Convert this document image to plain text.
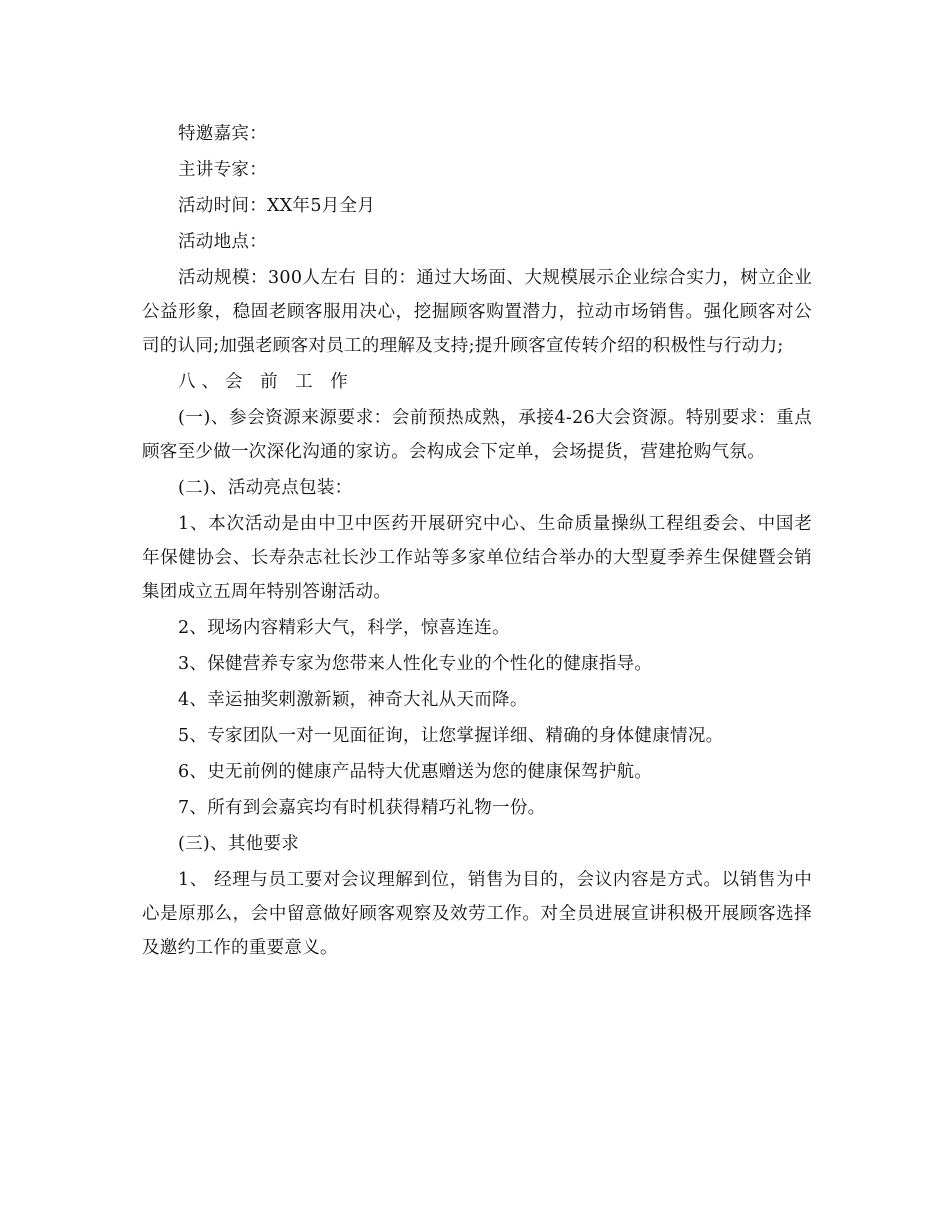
特邀嘉宾：

主讲专家：

活动时间：XX年5月全月

活动地点：

活动规模：300人左右 目的：通过大场面、大规模展示企业综合实力，树立企业公益形象，稳固老顾客服用决心，挖掘顾客购置潜力，拉动市场销售。强化顾客对公司的认同;加强老顾客对员工的理解及支持;提升顾客宣传转介绍的积极性与行动力;

八、会 前 工 作

(一)、参会资源来源要求：会前预热成熟，承接4-26大会资源。特别要求：重点顾客至少做一次深化沟通的家访。会构成会下定单，会场提货，营建抢购气氛。

(二)、活动亮点包装：

1、本次活动是由中卫中医药开展研究中心、生命质量操纵工程组委会、中国老年保健协会、长寿杂志社长沙工作站等多家单位结合举办的大型夏季养生保健暨会销集团成立五周年特别答谢活动。

2、现场内容精彩大气，科学，惊喜连连。

3、保健营养专家为您带来人性化专业的个性化的健康指导。

4、幸运抽奖刺激新颖，神奇大礼从天而降。

5、专家团队一对一见面征询，让您掌握详细、精确的身体健康情况。

6、史无前例的健康产品特大优惠赠送为您的健康保驾护航。

7、所有到会嘉宾均有时机获得精巧礼物一份。

(三)、其他要求

1、 经理与员工要对会议理解到位，销售为目的，会议内容是方式。以销售为中心是原那么，会中留意做好顾客观察及效劳工作。对全员进展宣讲积极开展顾客选择及邀约工作的重要意义。
